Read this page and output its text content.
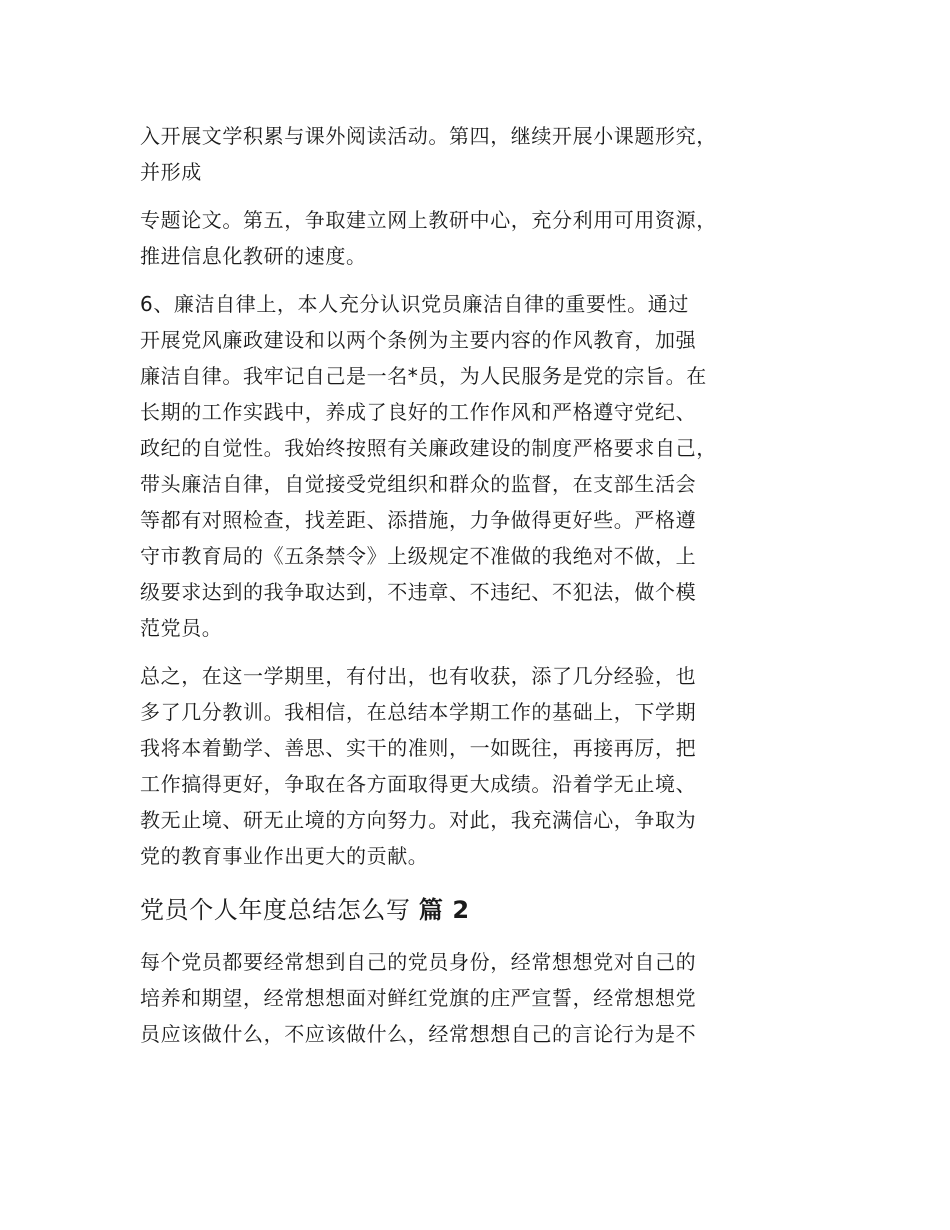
入开展文学积累与课外阅读活动。第四，继续开展小课题形究，
并形成

专题论文。第五，争取建立网上教研中心，充分利用可用资源，
推进信息化教研的速度。

6、廉洁自律上，本人充分认识党员廉洁自律的重要性。通过
开展党风廉政建设和以两个条例为主要内容的作风教育，加强
廉洁自律。我牢记自己是一名*员，为人民服务是党的宗旨。在
长期的工作实践中，养成了良好的工作作风和严格遵守党纪、
政纪的自觉性。我始终按照有关廉政建设的制度严格要求自己，
带头廉洁自律，自觉接受党组织和群众的监督，在支部生活会
等都有对照检查，找差距、添措施，力争做得更好些。严格遵
守市教育局的《五条禁令》上级规定不准做的我绝对不做，上
级要求达到的我争取达到，不违章、不违纪、不犯法，做个模
范党员。

总之，在这一学期里，有付出，也有收获，添了几分经验，也
多了几分教训。我相信，在总结本学期工作的基础上，下学期
我将本着勤学、善思、实干的准则，一如既往，再接再厉，把
工作搞得更好，争取在各方面取得更大成绩。沿着学无止境、
教无止境、研无止境的方向努力。对此，我充满信心，争取为
党的教育事业作出更大的贡献。

党员个人年度总结怎么写 篇 2

每个党员都要经常想到自己的党员身份，经常想想党对自己的
培养和期望，经常想想面对鲜红党旗的庄严宣誓，经常想想党
员应该做什么，不应该做什么，经常想想自己的言论行为是不
